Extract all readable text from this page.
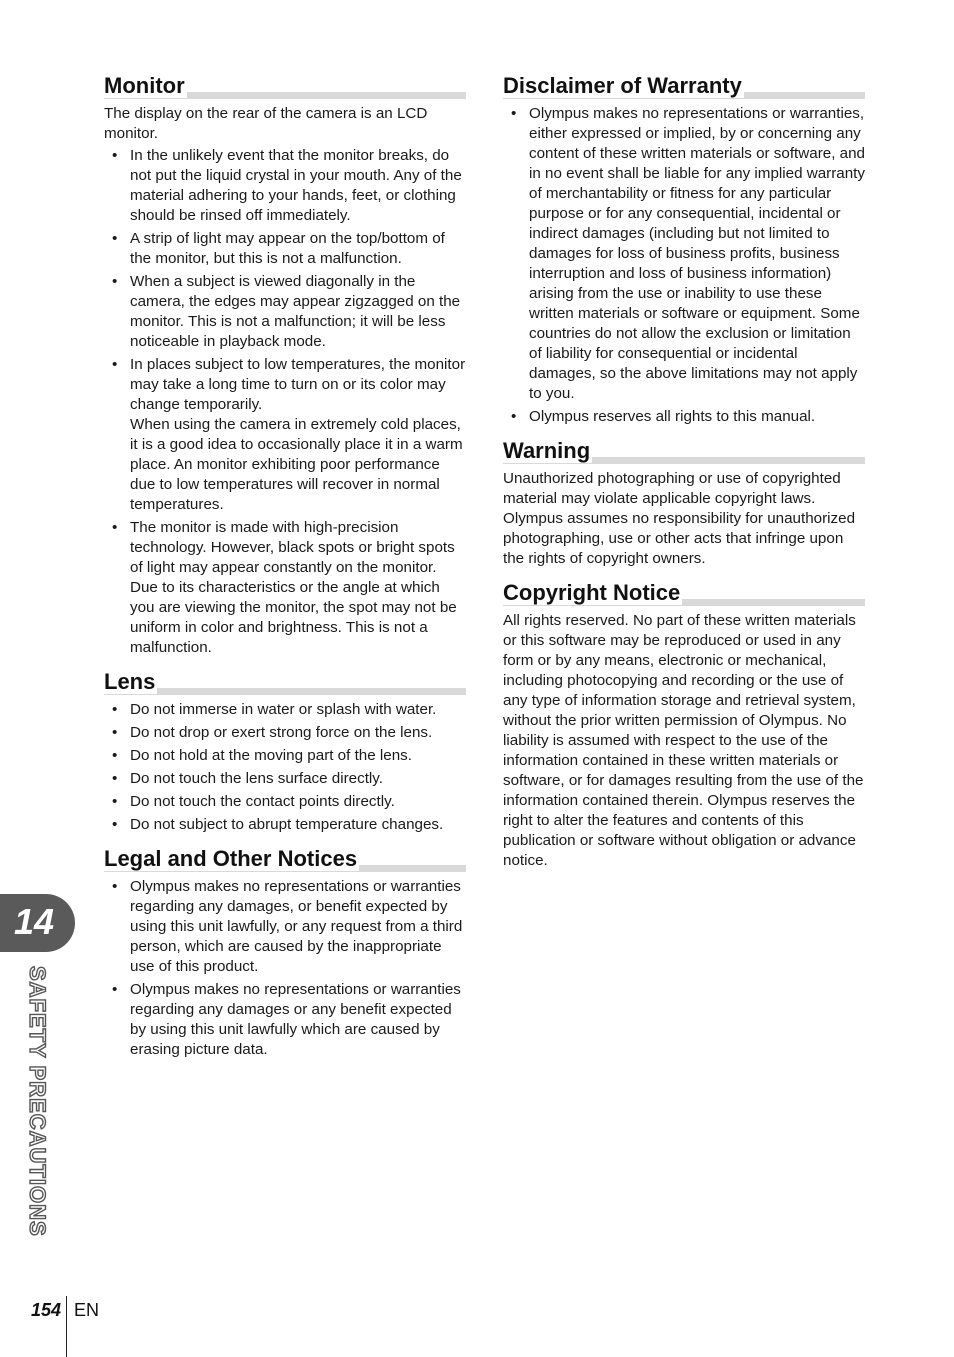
Monitor

The display on the rear of the camera is an LCD monitor.

• In the unlikely event that the monitor breaks, do not put the liquid crystal in your mouth. Any of the material adhering to your hands, feet, or clothing should be rinsed off immediately.
• A strip of light may appear on the top/bottom of the monitor, but this is not a malfunction.
• When a subject is viewed diagonally in the camera, the edges may appear zigzagged on the monitor. This is not a malfunction; it will be less noticeable in playback mode.
• In places subject to low temperatures, the monitor may take a long time to turn on or its color may change temporarily.
When using the camera in extremely cold places, it is a good idea to occasionally place it in a warm place. An monitor exhibiting poor performance due to low temperatures will recover in normal temperatures.
• The monitor is made with high-precision technology. However, black spots or bright spots of light may appear constantly on the monitor.
Due to its characteristics or the angle at which you are viewing the monitor, the spot may not be uniform in color and brightness. This is not a malfunction.
Lens
• Do not immerse in water or splash with water.
• Do not drop or exert strong force on the lens.
• Do not hold at the moving part of the lens.
• Do not touch the lens surface directly.
• Do not touch the contact points directly.
• Do not subject to abrupt temperature changes.
Legal and Other Notices
• Olympus makes no representations or warranties regarding any damages, or benefit expected by using this unit lawfully, or any request from a third person, which are caused by the inappropriate use of this product.
• Olympus makes no representations or warranties regarding any damages or any benefit expected by using this unit lawfully which are caused by erasing picture data.
Disclaimer of Warranty
• Olympus makes no representations or warranties, either expressed or implied, by or concerning any content of these written materials or software, and in no event shall be liable for any implied warranty of merchantability or fitness for any particular purpose or for any consequential, incidental or indirect damages (including but not limited to damages for loss of business profits, business interruption and loss of business information) arising from the use or inability to use these written materials or software or equipment. Some countries do not allow the exclusion or limitation of liability for consequential or incidental damages, so the above limitations may not apply to you.
• Olympus reserves all rights to this manual.
Warning

Unauthorized photographing or use of copyrighted material may violate applicable copyright laws. Olympus assumes no responsibility for unauthorized photographing, use or other acts that infringe upon the rights of copyright owners.

Copyright Notice

All rights reserved. No part of these written materials or this software may be reproduced or used in any form or by any means, electronic or mechanical, including photocopying and recording or the use of any type of information storage and retrieval system, without the prior written permission of Olympus. No liability is assumed with respect to the use of the information contained in these written materials or software, or for damages resulting from the use of the information contained therein. Olympus reserves the right to alter the features and contents of this publication or software without obligation or advance notice.

14
SAFETY PRECAUTIONS
154 EN
